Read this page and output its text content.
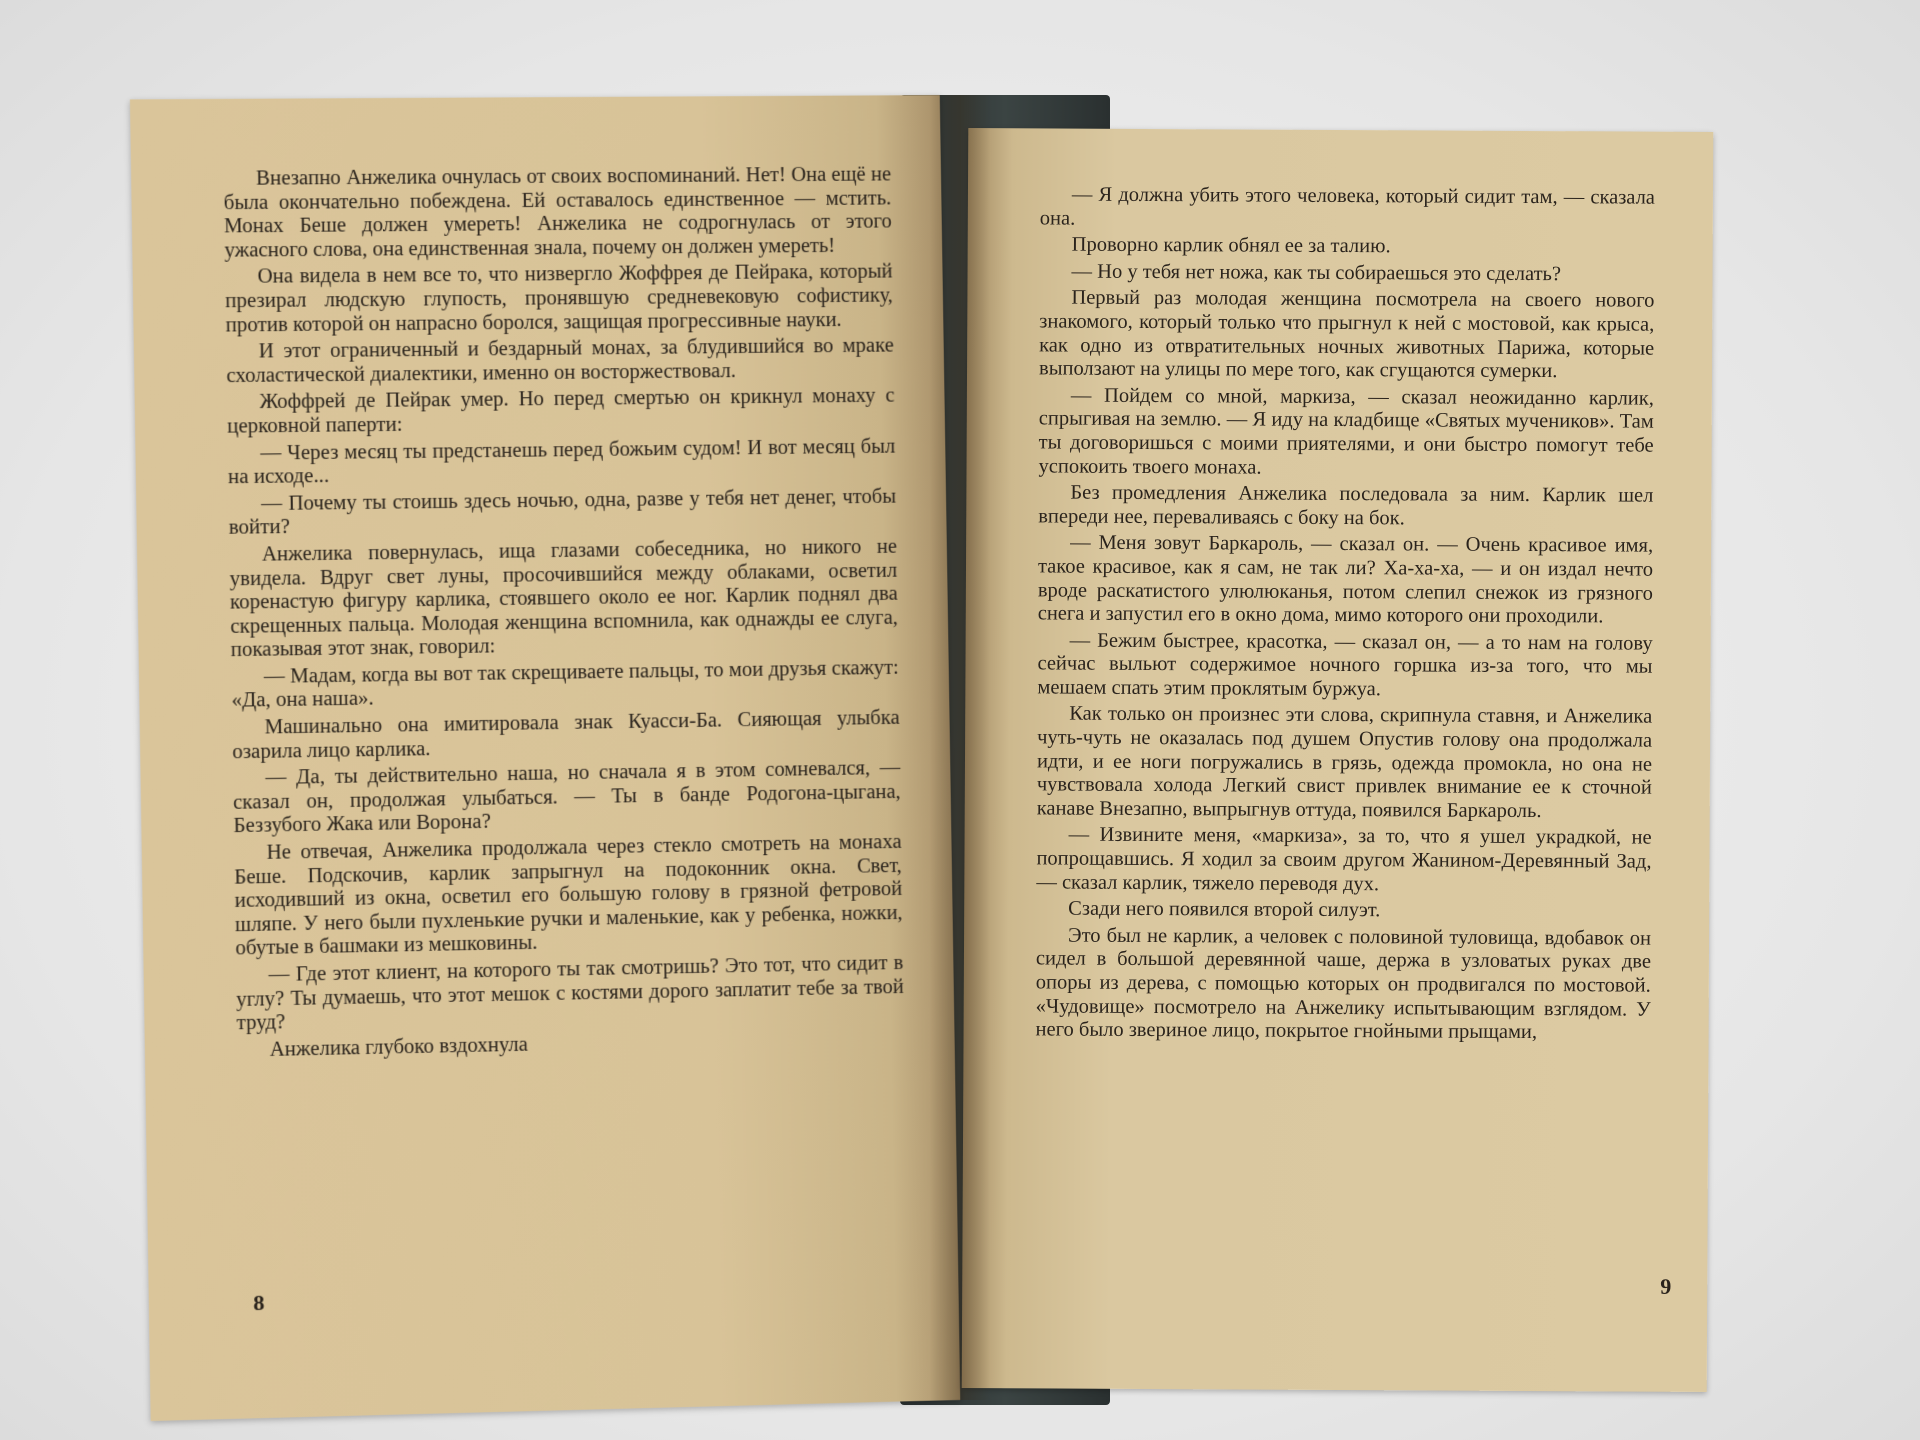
Внезапно Анжелика очнулась от своих воспоминаний. Нет! Она ещё не была окончательно побеждена. Ей оставалось единственное — мстить. Монах Беше должен умереть! Анжелика не содрогнулась от этого ужасного слова, она единственная знала, почему он должен умереть!

Она видела в нем все то, что низвергло Жоффрея де Пейрака, который презирал людскую глупость, пронявшую средневековую софистику, против которой он напрасно боролся, защищая прогрессивные науки.

И этот ограниченный и бездарный монах, за блудившийся во мраке схоластической диалектики, именно он восторжествовал.

Жоффрей де Пейрак умер. Но перед смертью он крикнул монаху с церковной паперти:

— Через месяц ты предстанешь перед божьим судом! И вот месяц был на исходе...

— Почему ты стоишь здесь ночью, одна, разве у тебя нет денег, чтобы войти?

Анжелика повернулась, ища глазами собеседника, но никого не увидела. Вдруг свет луны, просочившийся между облаками, осветил коренастую фигуру карлика, стоявшего около ее ног. Карлик поднял два скрещенных пальца. Молодая женщина вспомнила, как однажды ее слуга, показывая этот знак, говорил:

— Мадам, когда вы вот так скрещиваете пальцы, то мои друзья скажут: «Да, она наша».

Машинально она имитировала знак Куасси-Ба. Сияющая улыбка озарила лицо карлика.

— Да, ты действительно наша, но сначала я в этом сомневался, — сказал он, продолжая улыбаться. — Ты в банде Родогона-цыгана, Беззубого Жака или Ворона?

Не отвечая, Анжелика продолжала через стекло смотреть на монаха Беше. Подскочив, карлик запрыгнул на подоконник окна. Свет, исходивший из окна, осветил его большую голову в грязной фетровой шляпе. У него были пухленькие ручки и маленькие, как у ребенка, ножки, обутые в башмаки из мешковины.

— Где этот клиент, на которого ты так смотришь? Это тот, что сидит в углу? Ты думаешь, что этот мешок с костями дорого заплатит тебе за твой труд?

Анжелика глубоко вздохнула

8

— Я должна убить этого человека, который сидит там, — сказала она.

Проворно карлик обнял ее за талию.

— Но у тебя нет ножа, как ты собираешься это сделать?

Первый раз молодая женщина посмотрела на своего нового знакомого, который только что прыгнул к ней с мостовой, как крыса, как одно из отвратительных ночных животных Парижа, которые выползают на улицы по мере того, как сгущаются сумерки.

— Пойдем со мной, маркиза, — сказал неожиданно карлик, спрыгивая на землю. — Я иду на кладбище «Святых мучеников». Там ты договоришься с моими приятелями, и они быстро помогут тебе успокоить твоего монаха.

Без промедления Анжелика последовала за ним. Карлик шел впереди нее, переваливаясь с боку на бок.

— Меня зовут Баркароль, — сказал он. — Очень красивое имя, такое красивое, как я сам, не так ли? Ха-ха-ха, — и он издал нечто вроде раскатистого улюлюканья, потом слепил снежок из грязного снега и запустил его в окно дома, мимо которого они проходили.

— Бежим быстрее, красотка, — сказал он, — а то нам на голову сейчас выльют содержимое ночного горшка из-за того, что мы мешаем спать этим проклятым буржуа.

Как только он произнес эти слова, скрипнула ставня, и Анжелика чуть-чуть не оказалась под душем Опустив голову она продолжала идти, и ее ноги погружались в грязь, одежда промокла, но она не чувствовала холода Легкий свист привлек внимание ее к сточной канаве Внезапно, выпрыгнув оттуда, появился Баркароль.

— Извините меня, «маркиза», за то, что я ушел украдкой, не попрощавшись. Я ходил за своим другом Жанином-Деревянный Зад, — сказал карлик, тяжело переводя дух.

Сзади него появился второй силуэт.

Это был не карлик, а человек с половиной туловища, вдобавок он сидел в большой деревянной чаше, держа в узловатых руках две опоры из дерева, с помощью которых он продвигался по мостовой. «Чудовище» посмотрело на Анжелику испытывающим взглядом. У него было звериное лицо, покрытое гнойными прыщами,

9
